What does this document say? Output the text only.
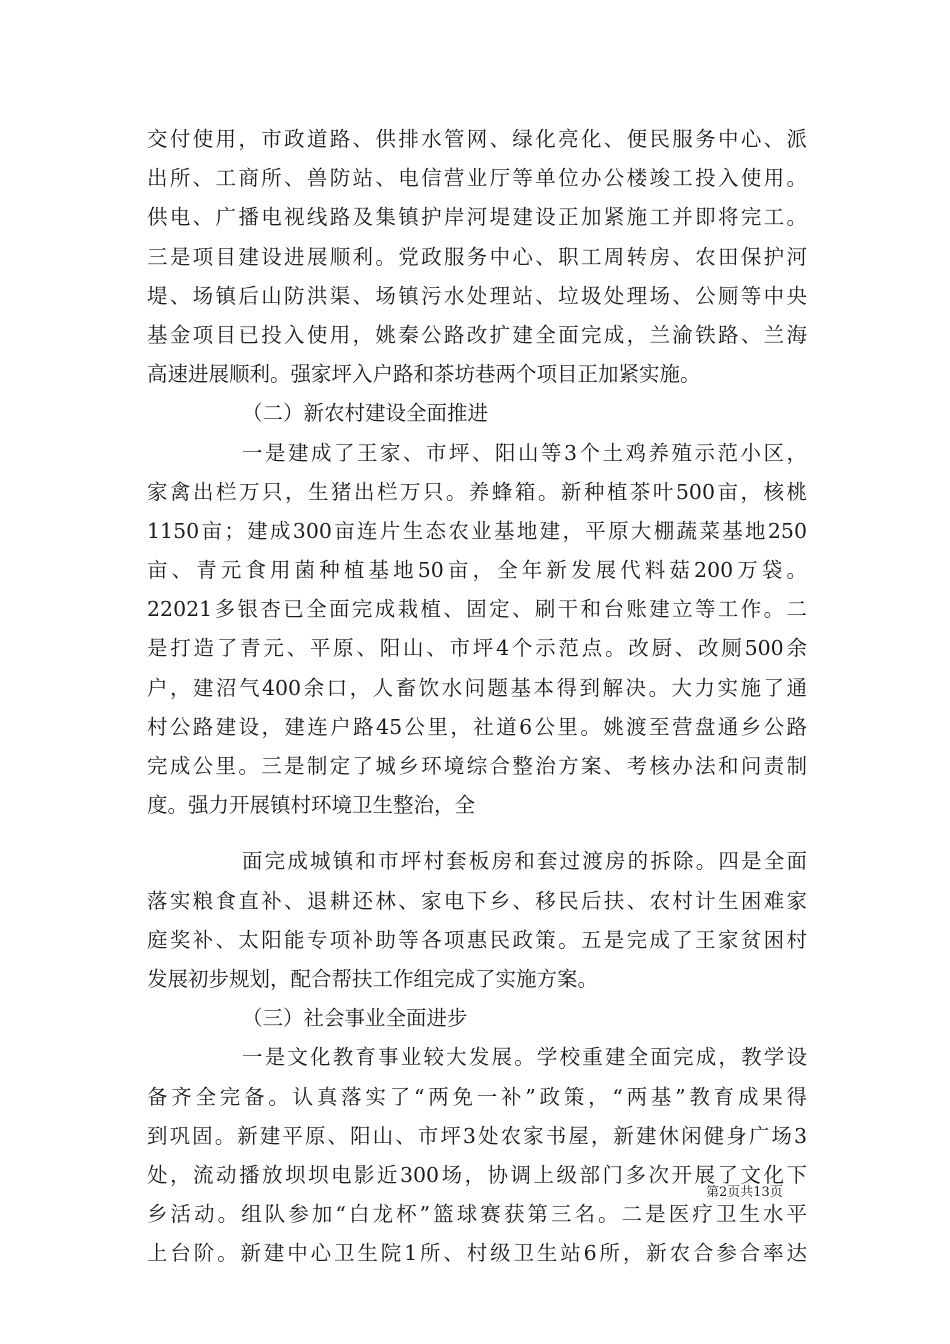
交付使用，市政道路、供排水管网、绿化亮化、便民服务中心、派
出所、工商所、兽防站、电信营业厅等单位办公楼竣工投入使用。
供电、广播电视线路及集镇护岸河堤建设正加紧施工并即将完工。
三是项目建设进展顺利。党政服务中心、职工周转房、农田保护河
堤、场镇后山防洪渠、场镇污水处理站、垃圾处理场、公厕等中央
基金项目已投入使用，姚秦公路改扩建全面完成，兰渝铁路、兰海
高速进展顺利。强家坪入户路和茶坊巷两个项目正加紧实施。
（二）新农村建设全面推进
一是建成了王家、市坪、阳山等3个土鸡养殖示范小区，
家禽出栏万只，生猪出栏万只。养蜂箱。新种植茶叶500亩，核桃
1150亩；建成300亩连片生态农业基地建，平原大棚蔬菜基地250
亩、青元食用菌种植基地50亩，全年新发展代料菇200万袋。
22021多银杏已全面完成栽植、固定、刷干和台账建立等工作。二
是打造了青元、平原、阳山、市坪4个示范点。改厨、改厕500余
户，建沼气400余口，人畜饮水问题基本得到解决。大力实施了通
村公路建设，建连户路45公里，社道6公里。姚渡至营盘通乡公路
完成公里。三是制定了城乡环境综合整治方案、考核办法和问责制
度。强力开展镇村环境卫生整治，全
面完成城镇和市坪村套板房和套过渡房的拆除。四是全面
落实粮食直补、退耕还林、家电下乡、移民后扶、农村计生困难家
庭奖补、太阳能专项补助等各项惠民政策。五是完成了王家贫困村
发展初步规划，配合帮扶工作组完成了实施方案。
（三）社会事业全面进步
一是文化教育事业较大发展。学校重建全面完成，教学设
备齐全完备。认真落实了“两免一补”政策，“两基”教育成果得
到巩固。新建平原、阳山、市坪3处农家书屋，新建休闲健身广场3
处，流动播放坝坝电影近300场，协调上级部门多次开展了文化下
乡活动。组队参加“白龙杯”篮球赛获第三名。二是医疗卫生水平
上台阶。新建中心卫生院1所、村级卫生站6所，新农合参合率达
第2页共13页
